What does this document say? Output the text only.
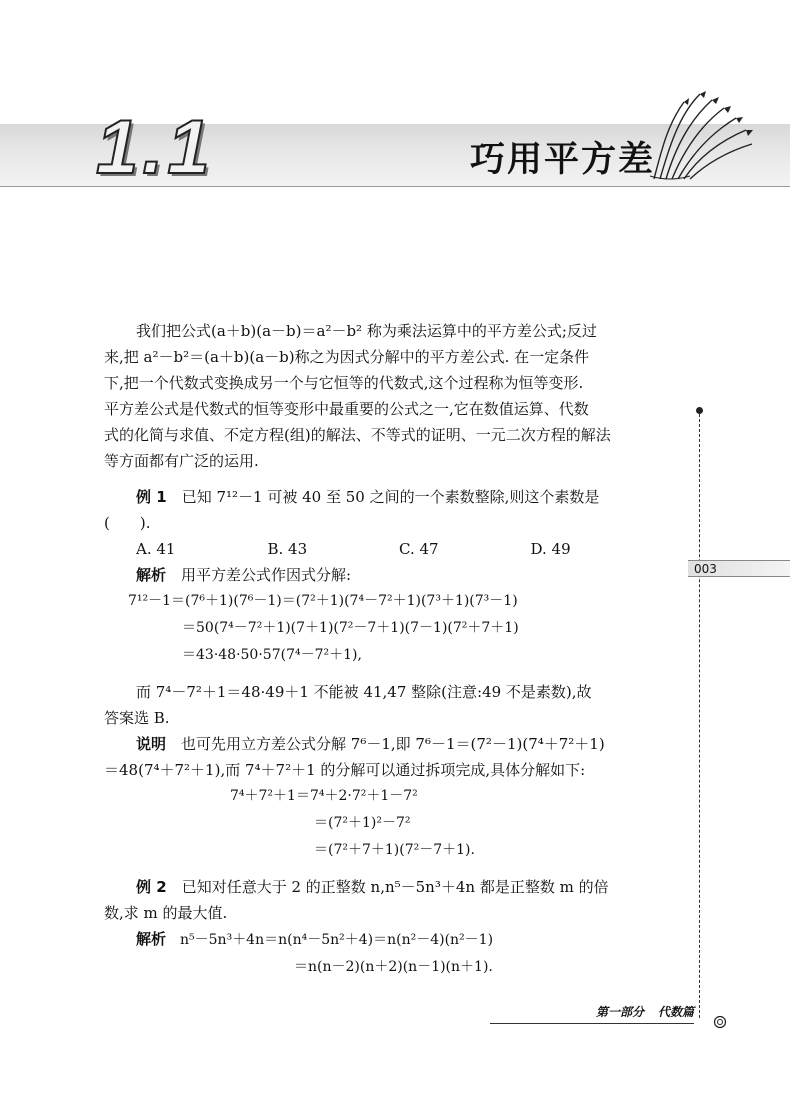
1.1	巧用平方差

我们把公式(a＋b)(a－b)＝a²－b² 称为乘法运算中的平方差公式;反过

来,把 a²－b²＝(a＋b)(a－b)称之为因式分解中的平方差公式. 在一定条件

下,把一个代数式变换成另一个与它恒等的代数式,这个过程称为恒等变形.

平方差公式是代数式的恒等变形中最重要的公式之一,它在数值运算、代数

式的化简与求值、不定方程(组)的解法、不等式的证明、一元二次方程的解法

等方面都有广泛的运用.

例 1　 已知 7¹²－1 可被 40 至 50 之间的一个素数整除,则这个素数是

(　　).

A. 41	B. 43	C. 47	D. 49

解析　 用平方差公式作因式分解:

7¹²－1＝(7⁶＋1)(7⁶－1)＝(7²＋1)(7⁴－7²＋1)(7³＋1)(7³－1)

＝50(7⁴－7²＋1)(7＋1)(7²－7＋1)(7－1)(7²＋7＋1)

＝43·48·50·57(7⁴－7²＋1),

而 7⁴－7²＋1＝48·49＋1 不能被 41,47 整除(注意:49 不是素数),故

答案选 B.

说明　 也可先用立方差公式分解 7⁶－1,即 7⁶－1＝(7²－1)(7⁴＋7²＋1)

＝48(7⁴＋7²＋1),而 7⁴＋7²＋1 的分解可以通过拆项完成,具体分解如下:

7⁴＋7²＋1＝7⁴＋2·7²＋1－7²

＝(7²＋1)²－7²

＝(7²＋7＋1)(7²－7＋1).

例 2　 已知对任意大于 2 的正整数 n,n⁵－5n³＋4n 都是正整数 m 的倍

数,求 m 的最大值.

解析　 n⁵－5n³＋4n＝n(n⁴－5n²＋4)＝n(n²－4)(n²－1)

＝n(n－2)(n＋2)(n－1)(n＋1).

003
第一部分 代数篇
